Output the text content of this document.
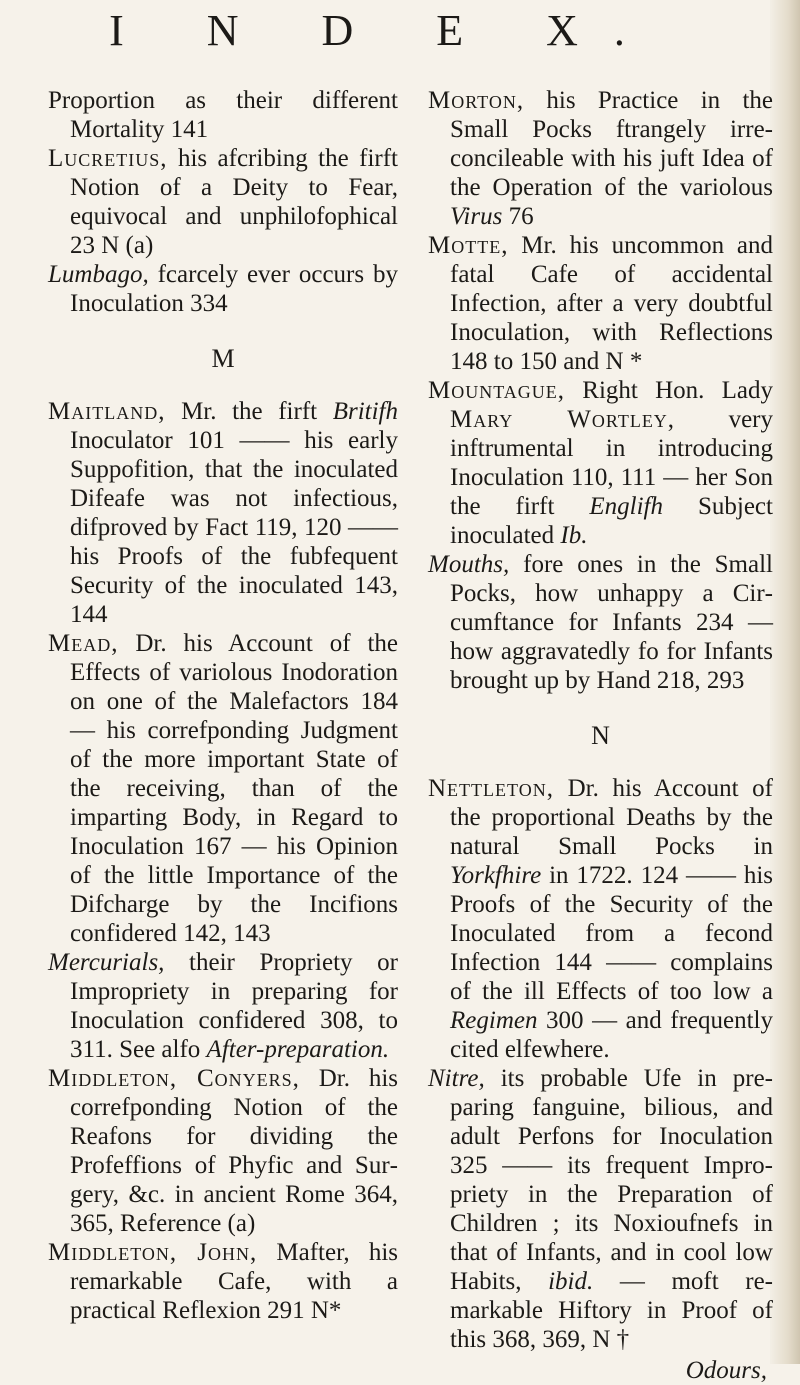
I N D E X.

Proportion as their different Mortality 141

Lucretius, his afcribing the firft Notion of a Deity to Fear, equivocal and unphilofophical 23 N (a)

Lumbago, fcarcely ever occurs by Inoculation 334

M

Maitland, Mr. the firft Britifh Inoculator 101 —— his early Suppofition, that the inoculated Difeafe was not infectious, difproved by Fact 119, 120 —— his Proofs of the fubfequent Security of the inoculated 143, 144

Mead, Dr. his Account of the Effects of variolous Inodoration on one of the Malefactors 184 — his correfponding Judgment of the more important State of the receiving, than of the imparting Body, in Regard to Inoculation 167 — his Opinion of the little Importance of the Difcharge by the Incifions confidered 142, 143

Mercurials, their Propriety or Impropriety in preparing for Inoculation confidered 308, to 311. See alfo After-preparation.

Middleton, Conyers, Dr. his correfponding Notion of the Reafons for dividing the Profeffions of Phyfic and Surgery, &c. in ancient Rome 364, 365, Reference (a)

Middleton, John, Mafter, his remarkable Cafe, with a practical Reflexion 291 N*

Morton, his Practice in the Small Pocks ftrangely irreconcileable with his juft Idea of the Operation of the variolous Virus 76

Motte, Mr. his uncommon and fatal Cafe of accidental Infection, after a very doubtful Inoculation, with Reflections 148 to 150 and N *

Mountague, Right Hon. Lady Mary Wortley, very inftrumental in introducing Inoculation 110, 111 — her Son the firft Englifh Subject inoculated Ib.

Mouths, fore ones in the Small Pocks, how unhappy a Circumftance for Infants 234 — how aggravatedly fo for Infants brought up by Hand 218, 293

N

Nettleton, Dr. his Account of the proportional Deaths by the natural Small Pocks in Yorkfhire in 1722. 124 —— his Proofs of the Security of the Inoculated from a fecond Infection 144 —— complains of the ill Effects of too low a Regimen 300 — and frequently cited elfewhere.

Nitre, its probable Ufe in preparing fanguine, bilious, and adult Perfons for Inoculation 325 —— its frequent Impropriety in the Preparation of Children ; its Noxioufnefs in that of Infants, and in cool low Habits, ibid. — moft remarkable Hiftory in Proof of this 368, 369, N †

Odours,
